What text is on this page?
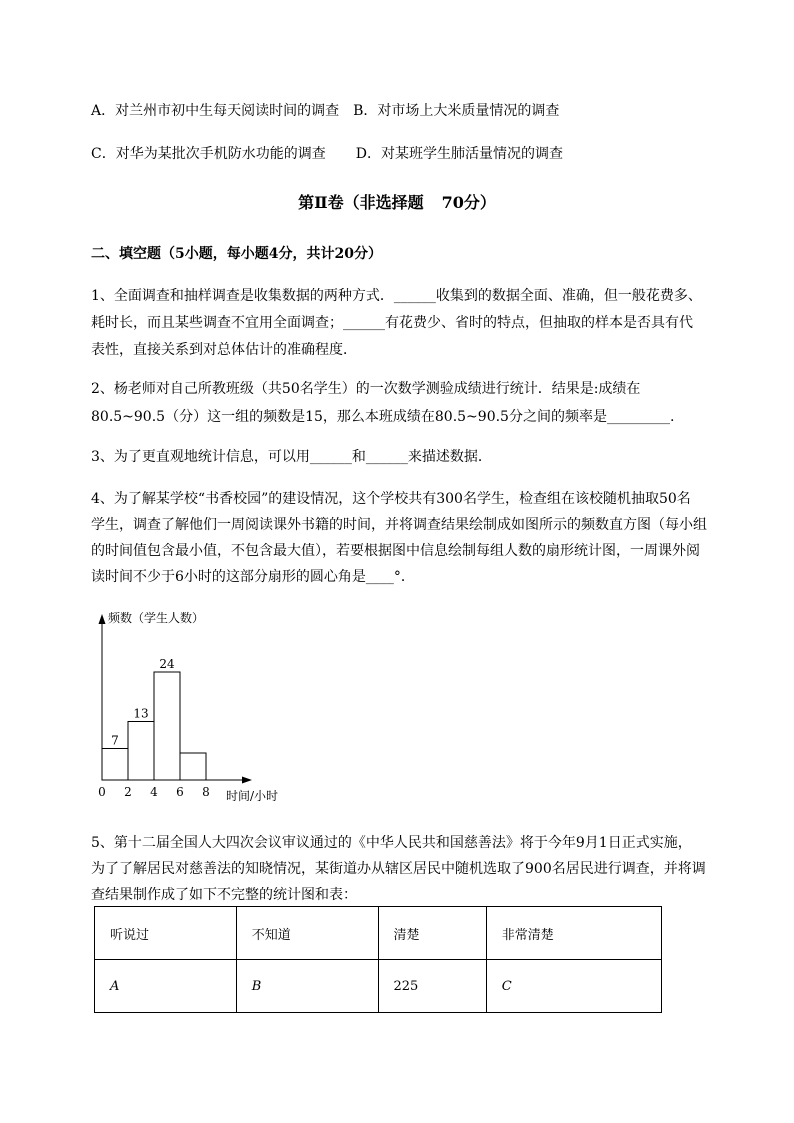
A．对兰州市初中生每天阅读时间的调查 B．对市场上大米质量情况的调查
C．对华为某批次手机防水功能的调查 D．对某班学生肺活量情况的调查
第Ⅱ卷（非选择题 70分）
二、填空题（5小题，每小题4分，共计20分）
1、全面调查和抽样调查是收集数据的两种方式．______收集到的数据全面、准确，但一般花费多、
耗时长，而且某些调查不宜用全面调查；______有花费少、省时的特点，但抽取的样本是否具有代
表性，直接关系到对总体估计的准确程度．
2、杨老师对自己所教班级（共50名学生）的一次数学测验成绩进行统计．结果是:成绩在
80.5~90.5（分）这一组的频数是15，那么本班成绩在80.5~90.5分之间的频率是_________.
3、为了更直观地统计信息，可以用______和______来描述数据．
4、为了解某学校“书香校园”的建设情况，这个学校共有300名学生，检查组在该校随机抽取50名
学生，调查了解他们一周阅读课外书籍的时间，并将调查结果绘制成如图所示的频数直方图（每小组
的时间值包含最小值，不包含最大值），若要根据图中信息绘制每组人数的扇形统计图，一周课外阅
读时间不少于6小时的这部分扇形的圆心角是____°．
频数（学生人数）
时间/小时
7
13
24
0 2 4 6 8
5、第十二届全国人大四次会议审议通过的《中华人民共和国慈善法》将于今年9月1日正式实施，
为了了解居民对慈善法的知晓情况，某街道办从辖区居民中随机选取了900名居民进行调查，并将调
查结果制作成了如下不完整的统计图和表：
听说过	不知道	清楚	非常清楚
A	B	225	C
